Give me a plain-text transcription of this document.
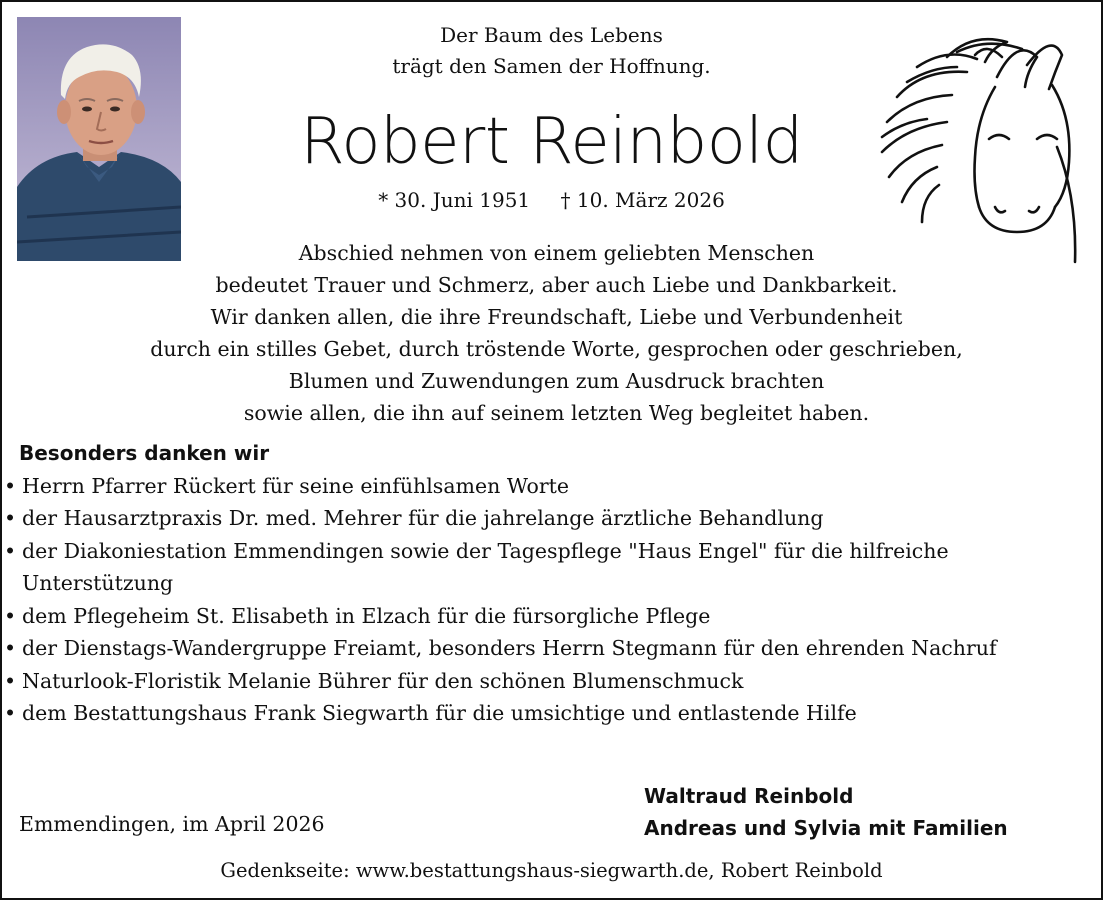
Der Baum des Lebens
trägt den Samen der Hoffnung.
Robert Reinbold
* 30. Juni 1951 † 10. März 2026
Abschied nehmen von einem geliebten Menschen
bedeutet Trauer und Schmerz, aber auch Liebe und Dankbarkeit.
Wir danken allen, die ihre Freundschaft, Liebe und Verbundenheit
durch ein stilles Gebet, durch tröstende Worte, gesprochen oder geschrieben,
Blumen und Zuwendungen zum Ausdruck brachten
sowie allen, die ihn auf seinem letzten Weg begleitet haben.
Besonders danken wir
• Herrn Pfarrer Rückert für seine einfühlsamen Worte
• der Hausarztpraxis Dr. med. Mehrer für die jahrelange ärztliche Behandlung
• der Diakoniestation Emmendingen sowie der Tagespflege "Haus Engel" für die hilfreiche Unterstützung
• dem Pflegeheim St. Elisabeth in Elzach für die fürsorgliche Pflege
• der Dienstags-Wandergruppe Freiamt, besonders Herrn Stegmann für den ehrenden Nachruf
• Naturlook-Floristik Melanie Bührer für den schönen Blumenschmuck
• dem Bestattungshaus Frank Siegwarth für die umsichtige und entlastende Hilfe
Emmendingen, im April 2026
Waltraud Reinbold
Andreas und Sylvia mit Familien
Gedenkseite: www.bestattungshaus-siegwarth.de, Robert Reinbold
